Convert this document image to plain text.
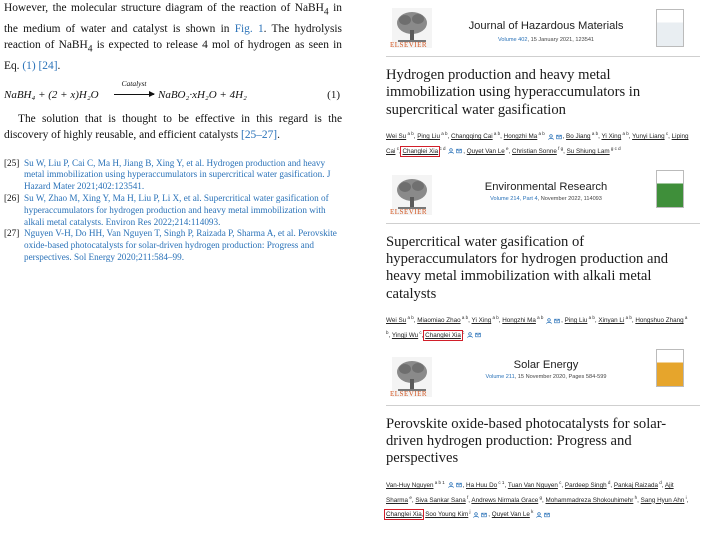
However, the molecular structure diagram of the reaction of NaBH$_4$ in the medium of water and catalyst is shown in Fig. 1. The hydrolysis reaction of NaBH$_4$ is expected to release 4 mol of hydrogen as seen in Eq. (1) [24].

NaBH₄ + (2 + x)H₂O
Catalyst
NaBO₂·xH₂O + 4H₂	(1)

The solution that is thought to be effective in this regard is the discovery of highly reusable, and efficient catalysts [25–27].

[25] Su W, Liu P, Cai C, Ma H, Jiang B, Xing Y, et al. Hydrogen production and heavy metal immobilization using hyperaccumulators in supercritical water gasification. J Hazard Mater 2021;402:123541.
[26] Su W, Zhao M, Xing Y, Ma H, Liu P, Li X, et al. Supercritical water gasification of hyperaccumulators for hydrogen production and heavy metal immobilization with alkali metal catalysts. Environ Res 2022;214:114093.
[27] Nguyen V-H, Do HH, Van Nguyen T, Singh P, Raizada P, Sharma A, et al. Perovskite oxide-based photocatalysts for solar-driven hydrogen production: Progress and perspectives. Sol Energy 2020;211:584–99.
ELSEVIER
Journal of Hazardous Materials
Volume 402, 15 January 2021, 123541
Hydrogen production and heavy metal immobilization using hyperaccumulators in supercritical water gasification
Wei Su $^{a b}$, Ping Liu $^{a b}$, Changqing Cai $^{a b}$, Hongzhi Ma $^{a b}$	, Bo Jiang $^{a b}$, Yi Xing $^{a b}$, Yunyi Liang $^c$, Liping Cai $^c$, Changlei Xia $^{c d}$	, Quyet Van Le $^e$, Christian Sonne $^{f g}$, Su Shiung Lam $^{g c d}$
ELSEVIER
Environmental Research
Volume 214, Part 4, November 2022, 114093
Supercritical water gasification of hyperaccumulators for hydrogen production and heavy metal immobilization with alkali metal catalysts
Wei Su $^{a b}$, Miaomiao Zhao $^{a b}$, Yi Xing $^{a b}$, Hongzhi Ma $^{a b}$	, Ping Liu $^{a b}$, Xinyan Li $^{a b}$, Hongshuo Zhang $^{a b}$, Yingji Wu $^c$, Changlei Xia $^c$
ELSEVIER
Solar Energy
Volume 211, 15 November 2020, Pages 584-599
Perovskite oxide-based photocatalysts for solar-driven hydrogen production: Progress and perspectives
Van-Huy Nguyen $^{a b 1}$	, Ha Huu Do $^{c 1}$, Tuan Van Nguyen $^c$, Pardeep Singh $^d$, Pankaj Raizada $^d$, Ajit Sharma $^e$, Siva Sankar Sana $^f$, Andrews Nirmala Grace $^g$, Mohammadreza Shokouhimehr $^h$, Sang Hyun Ahn $^i$, Changlei Xia, Soo Young Kim $^j$	, Quyet Van Le $^k$
